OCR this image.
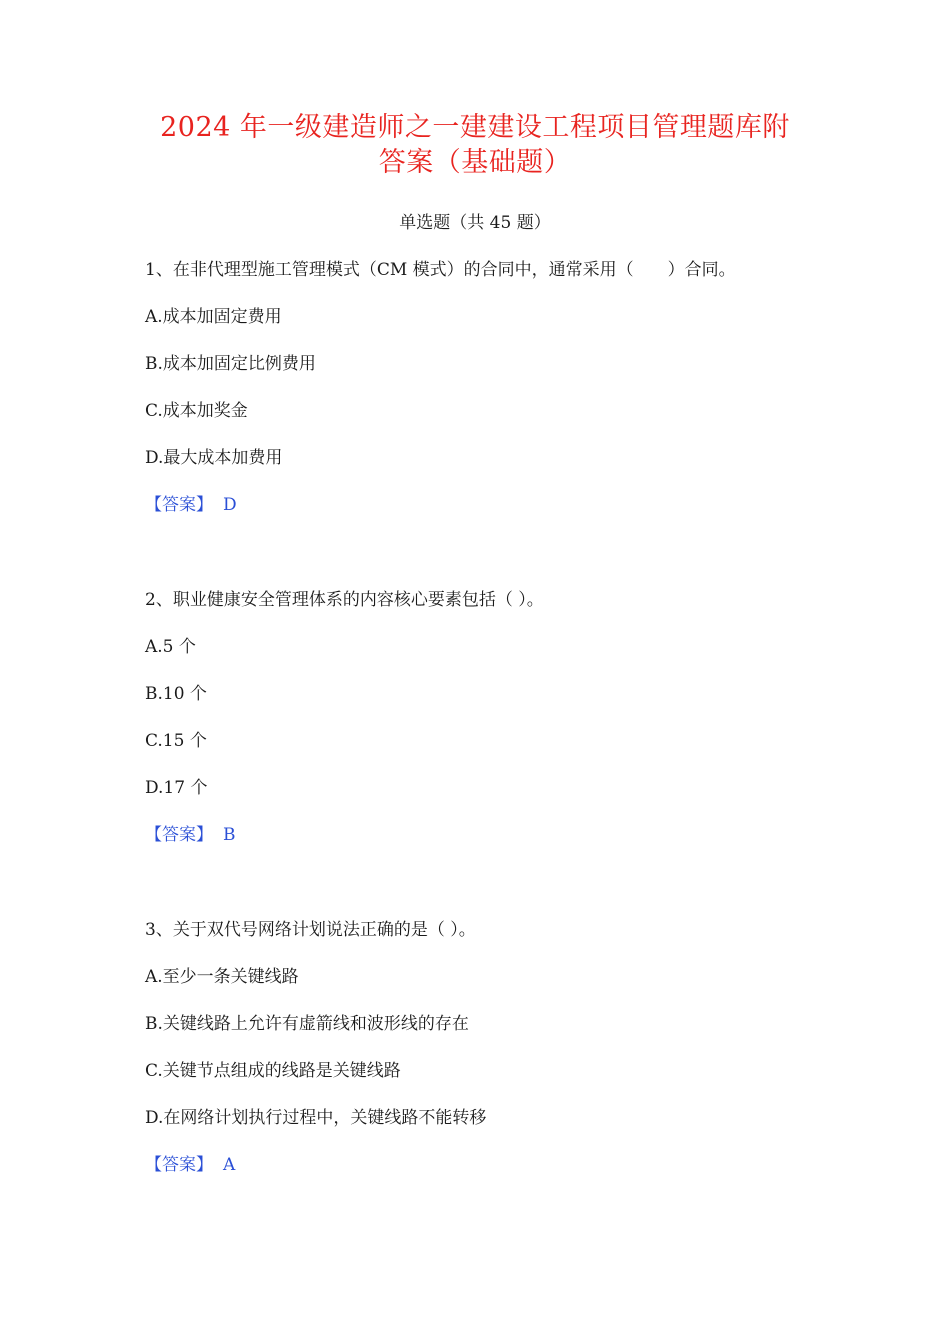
2024 年一级建造师之一建建设工程项目管理题库附
答案（基础题）
单选题（共 45 题）
1、在非代理型施工管理模式（CM 模式）的合同中，通常采用（　　）合同。
A.成本加固定费用
B.成本加固定比例费用
C.成本加奖金
D.最大成本加费用
【答案】 D
2、职业健康安全管理体系的内容核心要素包括（ ）。
A.5 个
B.10 个
C.15 个
D.17 个
【答案】 B
3、关于双代号网络计划说法正确的是（ ）。
A.至少一条关键线路
B.关键线路上允许有虚箭线和波形线的存在
C.关键节点组成的线路是关键线路
D.在网络计划执行过程中，关键线路不能转移
【答案】 A
